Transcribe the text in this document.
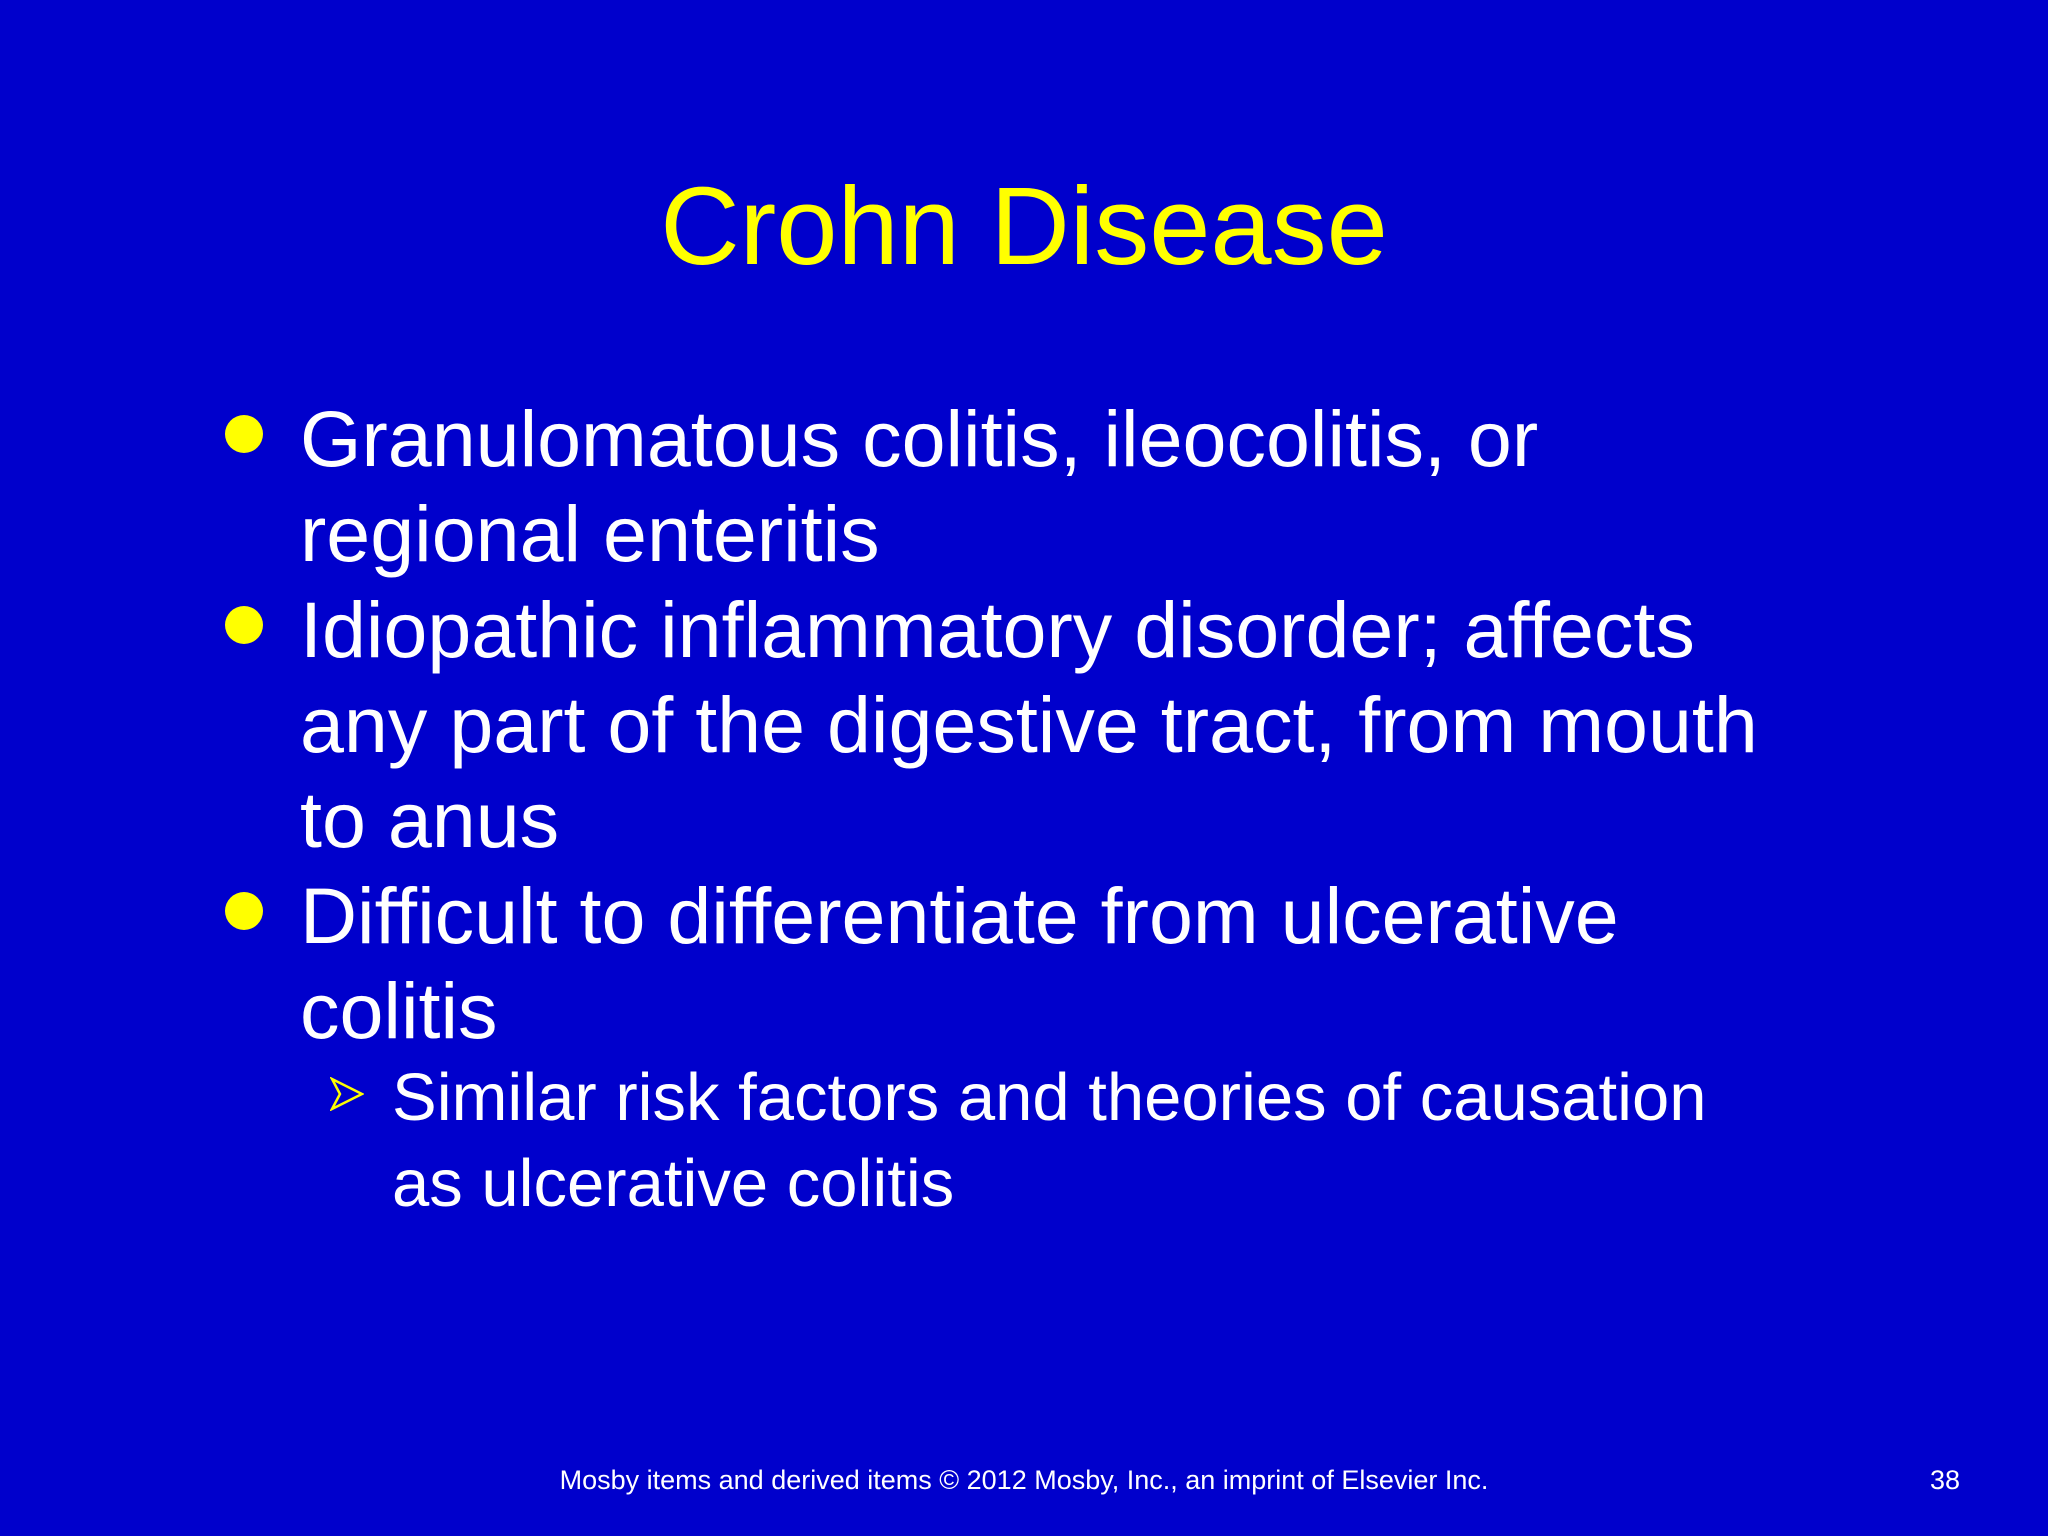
Crohn Disease
Granulomatous colitis, ileocolitis, or regional enteritis
Idiopathic inflammatory disorder; affects any part of the digestive tract, from mouth to anus
Difficult to differentiate from ulcerative colitis
Similar risk factors and theories of causation as ulcerative colitis
Mosby items and derived items © 2012 Mosby, Inc., an imprint of Elsevier Inc.	38
